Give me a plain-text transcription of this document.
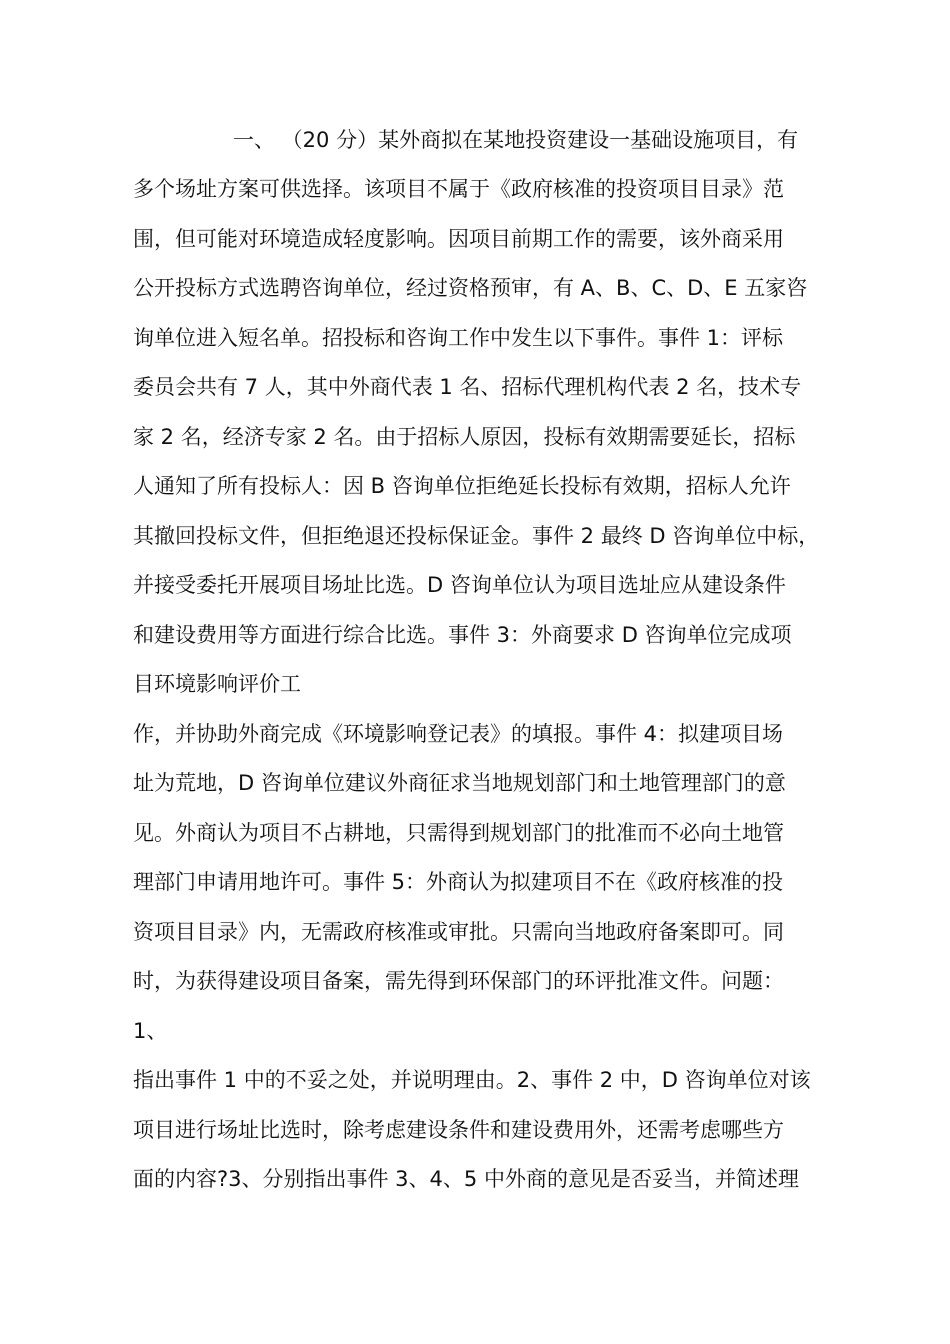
一、 （20 分）某外商拟在某地投资建设一基础设施项目，有
多个场址方案可供选择。该项目不属于《政府核准的投资项目目录》范
围，但可能对环境造成轻度影响。因项目前期工作的需要，该外商采用
公开投标方式选聘咨询单位，经过资格预审，有 A、B、C、D、E 五家咨
询单位进入短名单。招投标和咨询工作中发生以下事件。事件 1：评标
委员会共有 7 人，其中外商代表 1 名、招标代理机构代表 2 名，技术专
家 2 名，经济专家 2 名。由于招标人原因，投标有效期需要延长，招标
人通知了所有投标人：因 B 咨询单位拒绝延长投标有效期，招标人允许
其撤回投标文件，但拒绝退还投标保证金。事件 2 最终 D 咨询单位中标，
并接受委托开展项目场址比选。D 咨询单位认为项目选址应从建设条件
和建设费用等方面进行综合比选。事件 3：外商要求 D 咨询单位完成项
目环境影响评价工
作，并协助外商完成《环境影响登记表》的填报。事件 4：拟建项目场
址为荒地，D 咨询单位建议外商征求当地规划部门和土地管理部门的意
见。外商认为项目不占耕地，只需得到规划部门的批准而不必向土地管
理部门申请用地许可。事件 5：外商认为拟建项目不在《政府核准的投
资项目目录》内，无需政府核准或审批。只需向当地政府备案即可。同
时，为获得建设项目备案，需先得到环保部门的环评批准文件。问题：
1、
指出事件 1 中的不妥之处，并说明理由。2、事件 2 中，D 咨询单位对该
项目进行场址比选时，除考虑建设条件和建设费用外，还需考虑哪些方
面的内容?3、分别指出事件 3、4、5 中外商的意见是否妥当，并简述理
